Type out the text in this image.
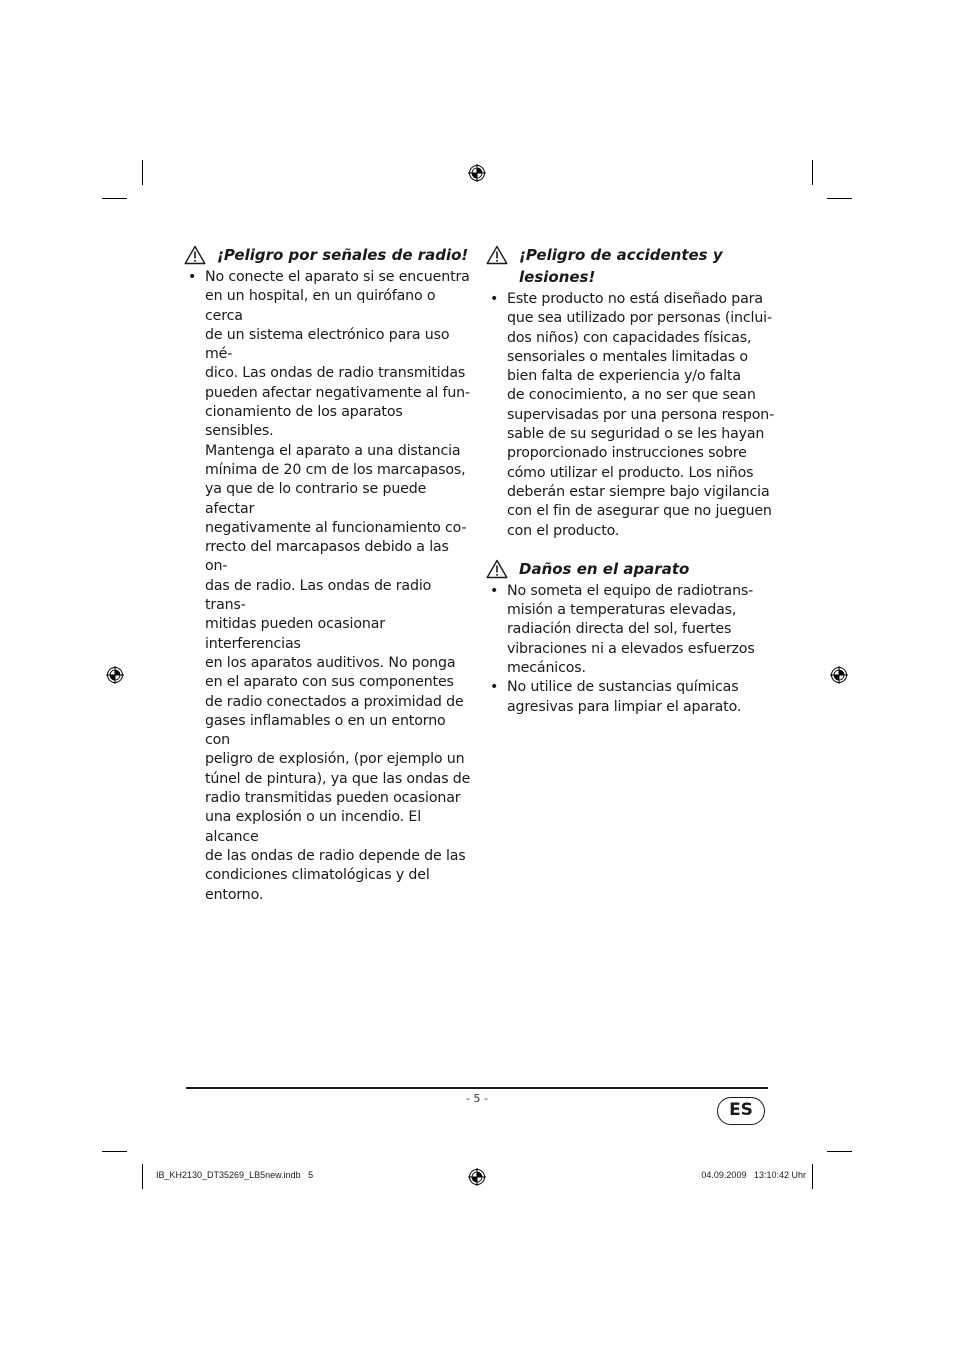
¡Peligro por señales de radio!
• No conecte el aparato si se encuentra
en un hospital, en un quirófano o cerca
de un sistema electrónico para uso mé-
dico. Las ondas de radio transmitidas
pueden afectar negativamente al fun-
cionamiento de los aparatos sensibles.
Mantenga el aparato a una distancia
mínima de 20 cm de los marcapasos,
ya que de lo contrario se puede afectar
negativamente al funcionamiento co-
rrecto del marcapasos debido a las on-
das de radio. Las ondas de radio trans-
mitidas pueden ocasionar interferencias
en los aparatos auditivos. No ponga
en el aparato con sus componentes
de radio conectados a proximidad de
gases inflamables o en un entorno con
peligro de explosión, (por ejemplo un
túnel de pintura), ya que las ondas de
radio transmitidas pueden ocasionar
una explosión o un incendio. El alcance
de las ondas de radio depende de las
condiciones climatológicas y del entorno.
¡Peligro de accidentes y
lesiones!
• Este producto no está diseñado para
que sea utilizado por personas (inclui-
dos niños) con capacidades físicas,
sensoriales o mentales limitadas o
bien falta de experiencia y/o falta
de conocimiento, a no ser que sean
supervisadas por una persona respon-
sable de su seguridad o se les hayan
proporcionado instrucciones sobre
cómo utilizar el producto. Los niños
deberán estar siempre bajo vigilancia
con el fin de asegurar que no jueguen
con el producto.
Daños en el aparato
• No someta el equipo de radiotrans-
misión a temperaturas elevadas,
radiación directa del sol, fuertes
vibraciones ni a elevados esfuerzos
mecánicos.
• No utilice de sustancias químicas
agresivas para limpiar el aparato.
- 5 -
ES
IB_KH2130_DT35269_LB5new.indb   5	04.09.2009   13:10:42 Uhr
